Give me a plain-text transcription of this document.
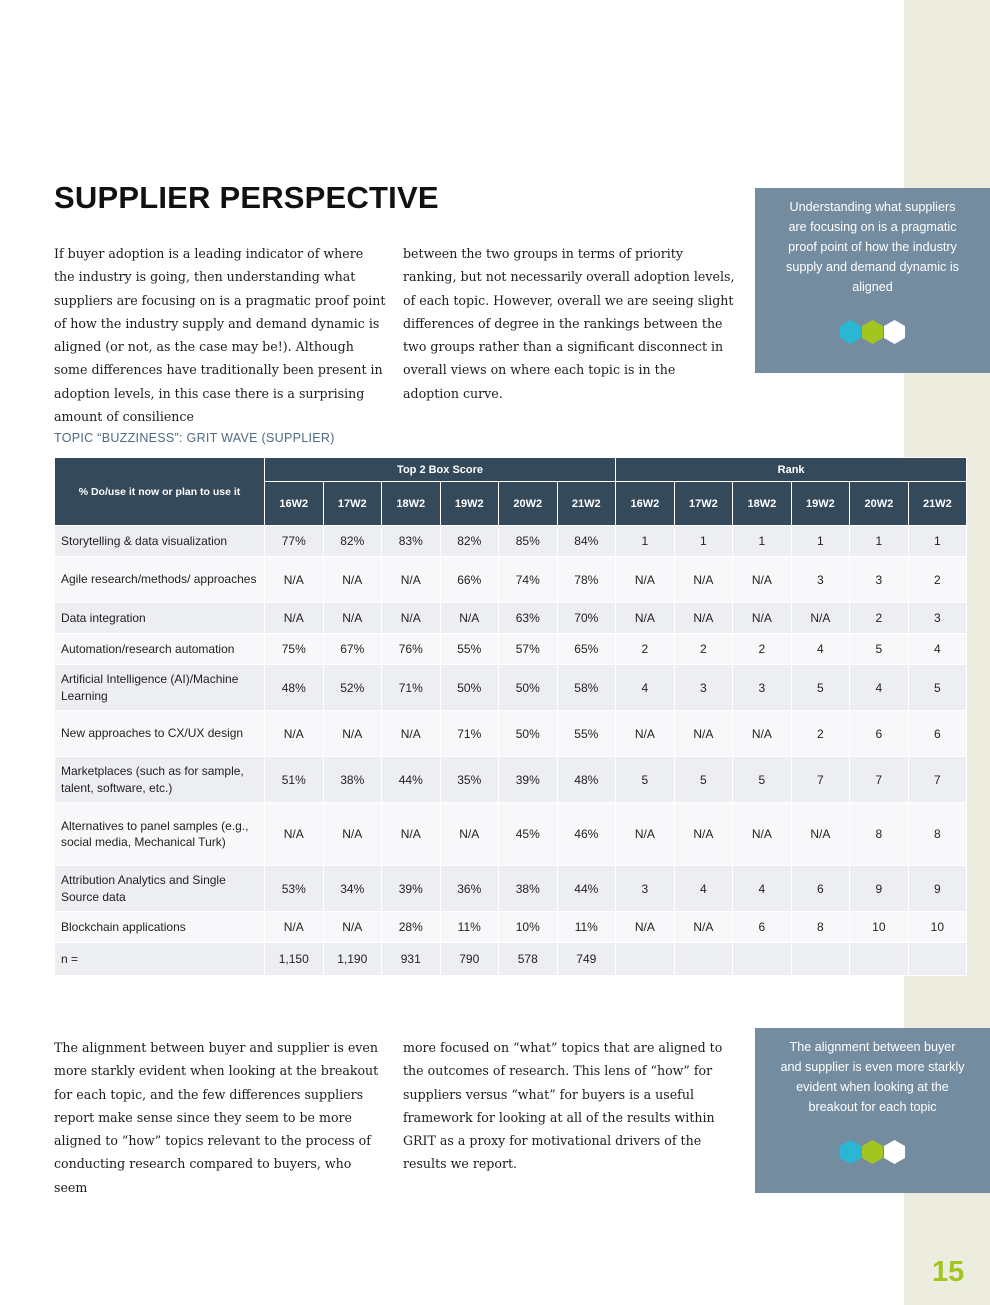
SUPPLIER PERSPECTIVE

If buyer adoption is a leading indicator of where the industry is going, then understanding what suppliers are focusing on is a pragmatic proof point of how the industry supply and demand dynamic is aligned (or not, as the case may be!). Although some differences have traditionally been present in adoption levels, in this case there is a surprising amount of consilience

between the two groups in terms of priority ranking, but not necessarily overall adoption levels, of each topic. However, overall we are seeing slight differences of degree in the rankings between the two groups rather than a significant disconnect in overall views on where each topic is in the adoption curve.

Understanding what suppliers are focusing on is a pragmatic proof point of how the industry supply and demand dynamic is aligned
TOPIC “BUZZINESS”: GRIT WAVE (SUPPLIER)
% Do/use it now or plan to use it	Top 2 Box Score						Rank					
	16W2	17W2	18W2	19W2	20W2	21W2	16W2	17W2	18W2	19W2	20W2	21W2
Storytelling & data visualization	77%	82%	83%	82%	85%	84%	1	1	1	1	1	1
Agile research/methods/ approaches	N/A	N/A	N/A	66%	74%	78%	N/A	N/A	N/A	3	3	2
Data integration	N/A	N/A	N/A	N/A	63%	70%	N/A	N/A	N/A	N/A	2	3
Automation/research automation	75%	67%	76%	55%	57%	65%	2	2	2	4	5	4
Artificial Intelligence (AI)/Machine Learning	48%	52%	71%	50%	50%	58%	4	3	3	5	4	5
New approaches to CX/UX design	N/A	N/A	N/A	71%	50%	55%	N/A	N/A	N/A	2	6	6
Marketplaces (such as for sample, talent, software, etc.)	51%	38%	44%	35%	39%	48%	5	5	5	7	7	7
Alternatives to panel samples (e.g., social media, Mechanical Turk)	N/A	N/A	N/A	N/A	45%	46%	N/A	N/A	N/A	N/A	8	8
Attribution Analytics and Single Source data	53%	34%	39%	36%	38%	44%	3	4	4	6	9	9
Blockchain applications	N/A	N/A	28%	11%	10%	11%	N/A	N/A	6	8	10	10
n =	1,150	1,190	931	790	578	749						

The alignment between buyer and supplier is even more starkly evident when looking at the breakout for each topic, and the few differences suppliers report make sense since they seem to be more aligned to “how” topics relevant to the process of conducting research compared to buyers, who seem

more focused on “what” topics that are aligned to the outcomes of research. This lens of “how” for suppliers versus “what” for buyers is a useful framework for looking at all of the results within GRIT as a proxy for motivational drivers of the results we report.

The alignment between buyer and supplier is even more starkly evident when looking at the breakout for each topic
15
